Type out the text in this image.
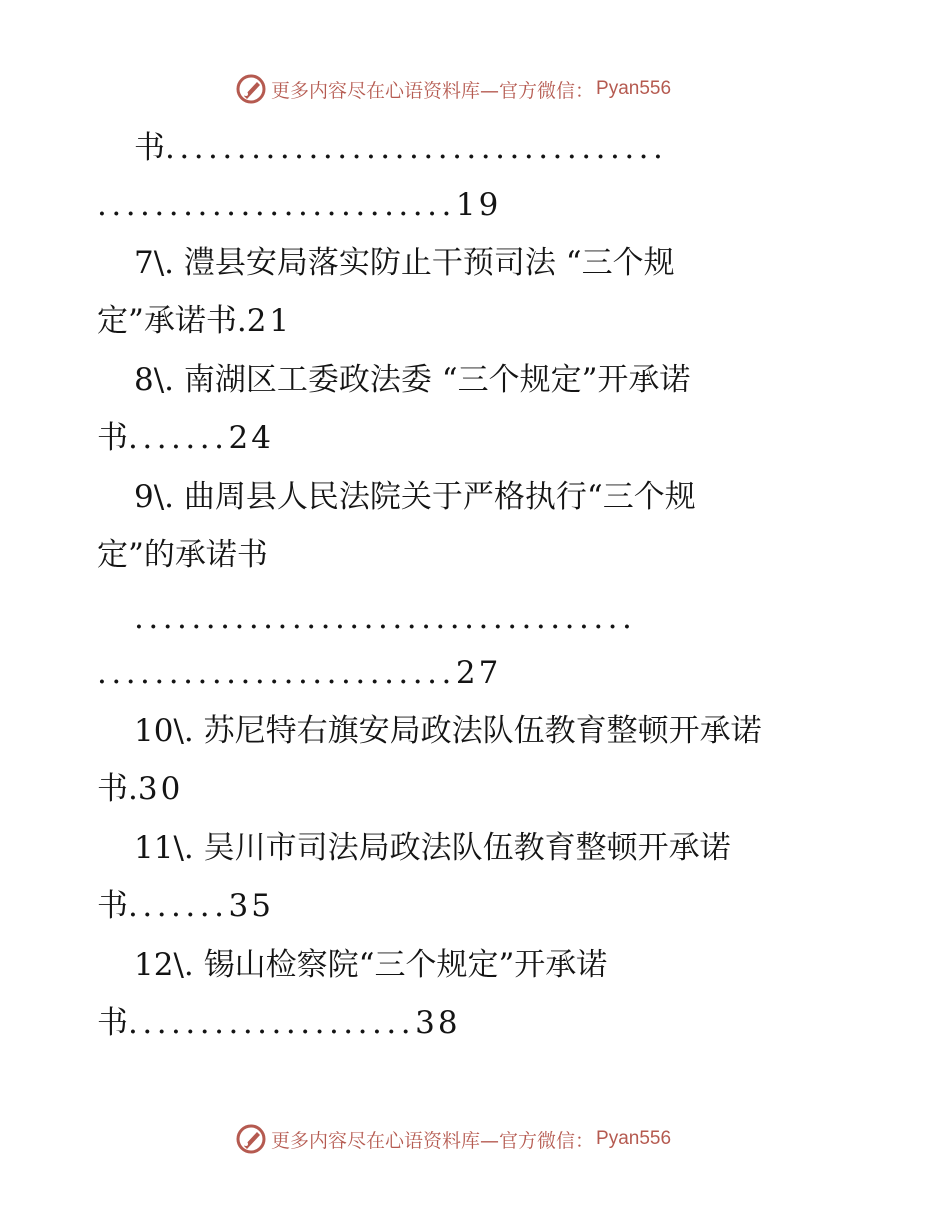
更多内容尽在心语资料库—官方微信： Pyan556
书...................................
.........................19
7\. 澧县安局落实防止干预司法 “三个规
定”承诺书.21
8\. 南湖区工委政法委 “三个规定”开承诺
书.......24
9\. 曲周县人民法院关于严格执行“三个规
定”的承诺书
...................................
.........................27
10\. 苏尼特右旗安局政法队伍教育整顿开承诺
书.30
11\. 吴川市司法局政法队伍教育整顿开承诺
书.......35
12\. 锡山检察院“三个规定”开承诺
书....................38
更多内容尽在心语资料库—官方微信： Pyan556
